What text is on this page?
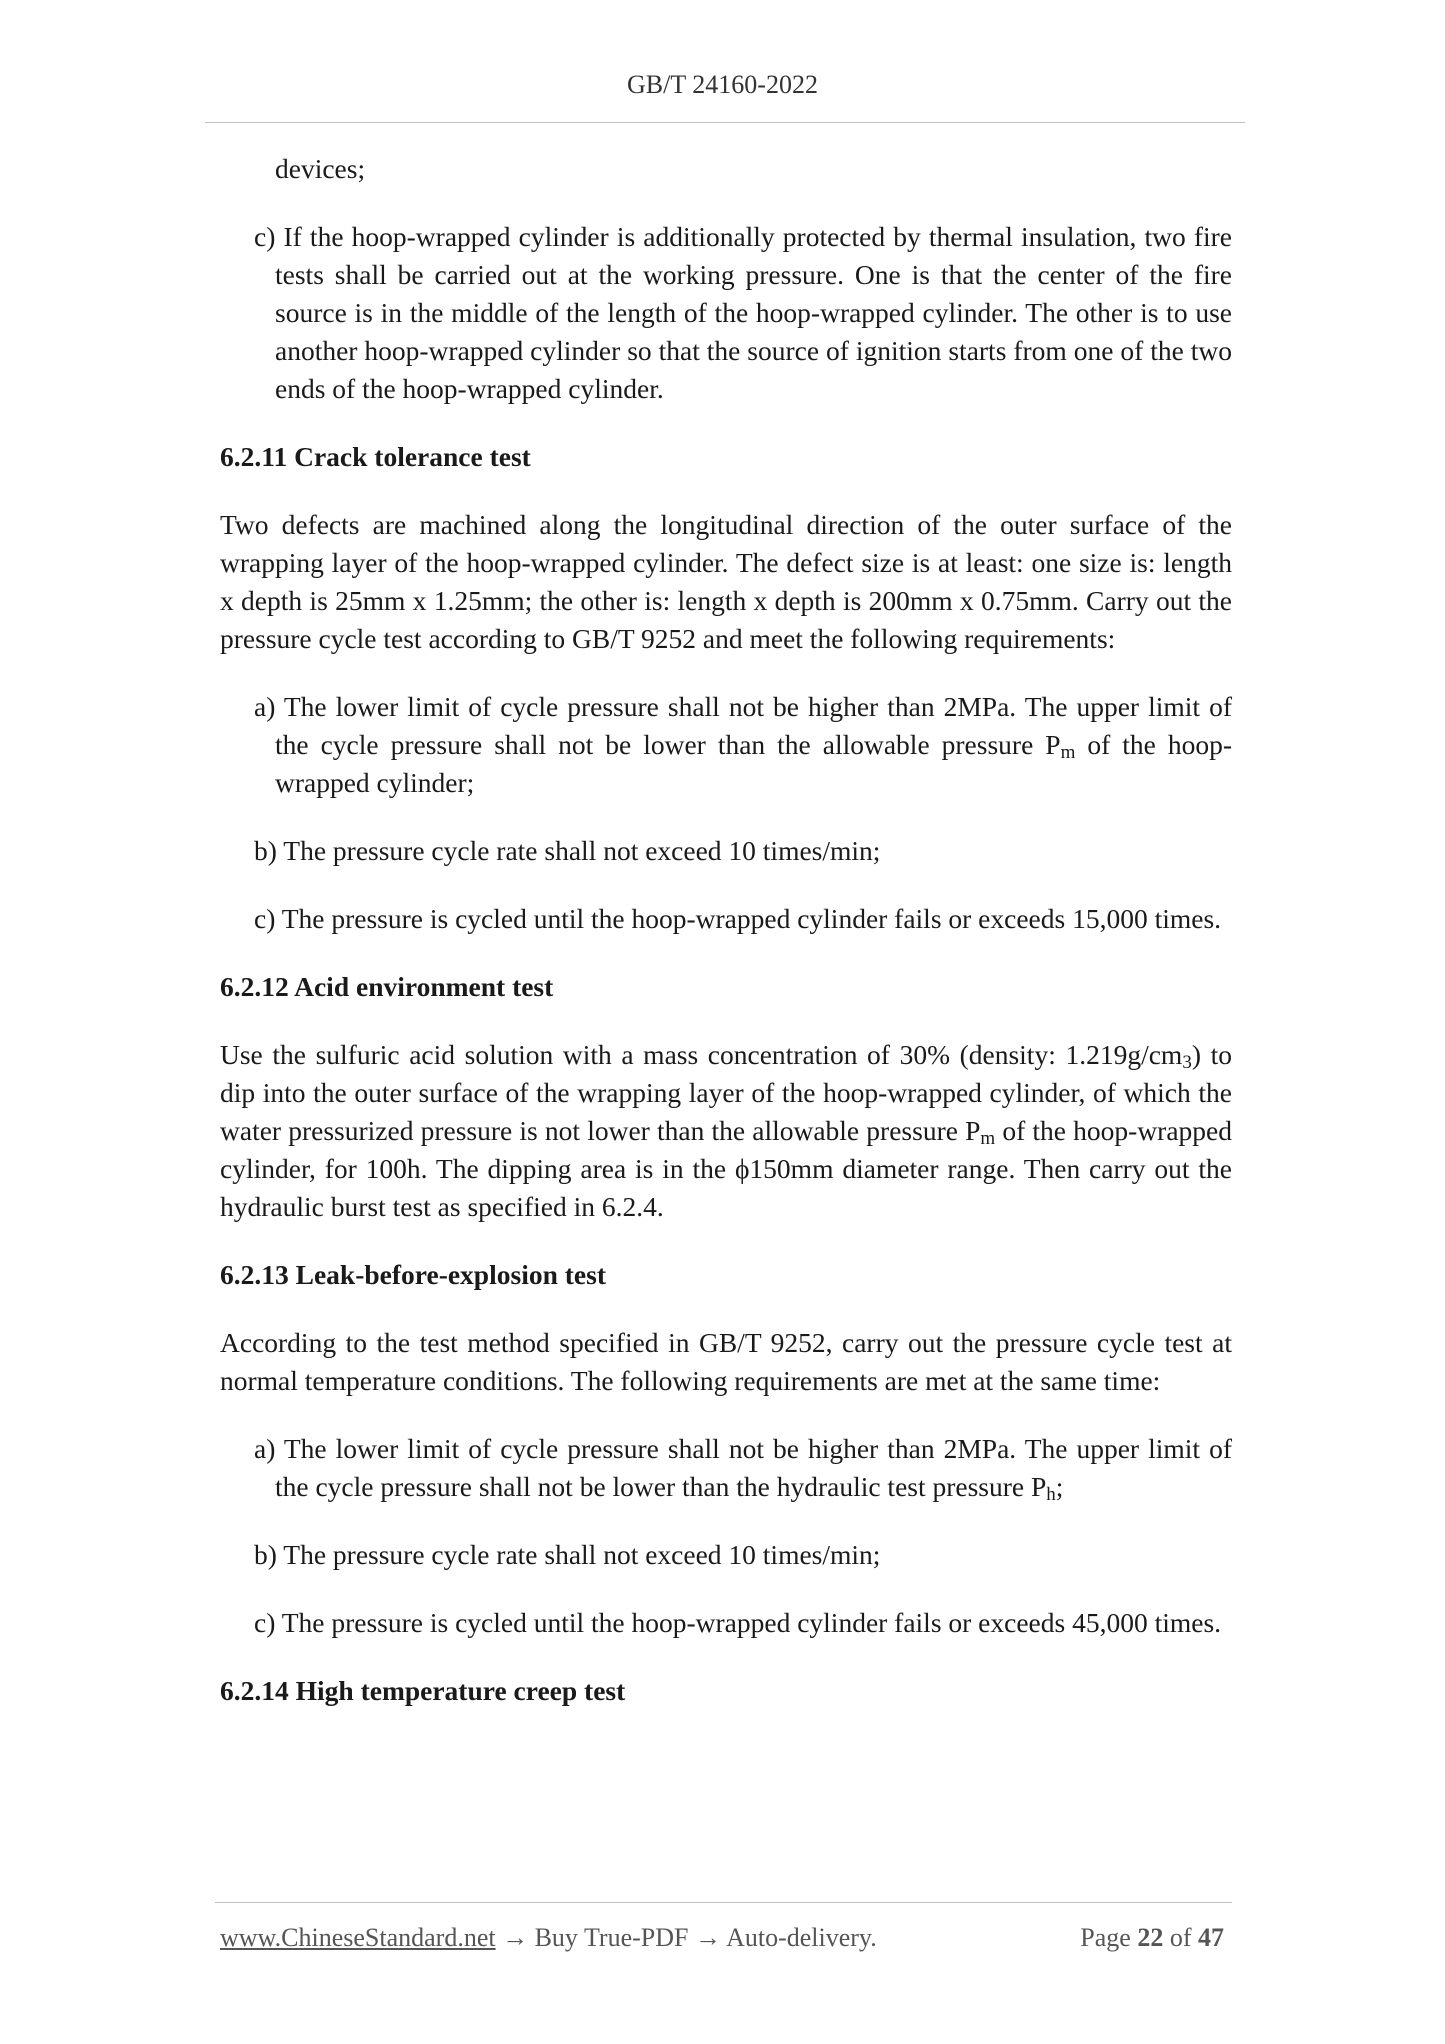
GB/T 24160-2022

devices;

c) If the hoop-wrapped cylinder is additionally protected by thermal insulation, two fire tests shall be carried out at the working pressure. One is that the center of the fire source is in the middle of the length of the hoop-wrapped cylinder. The other is to use another hoop-wrapped cylinder so that the source of ignition starts from one of the two ends of the hoop-wrapped cylinder.

6.2.11 Crack tolerance test

Two defects are machined along the longitudinal direction of the outer surface of the wrapping layer of the hoop-wrapped cylinder. The defect size is at least: one size is: length x depth is 25mm x 1.25mm; the other is: length x depth is 200mm x 0.75mm. Carry out the pressure cycle test according to GB/T 9252 and meet the following requirements:

a) The lower limit of cycle pressure shall not be higher than 2MPa. The upper limit of the cycle pressure shall not be lower than the allowable pressure $P_m$ of the hoop-wrapped cylinder;

b) The pressure cycle rate shall not exceed 10 times/min;

c) The pressure is cycled until the hoop-wrapped cylinder fails or exceeds 15,000 times.

6.2.12 Acid environment test

Use the sulfuric acid solution with a mass concentration of 30% (density: $1.219g/cm_3$) to dip into the outer surface of the wrapping layer of the hoop-wrapped cylinder, of which the water pressurized pressure is not lower than the allowable pressure $P_m$ of the hoop-wrapped cylinder, for 100h. The dipping area is in the ϕ150mm diameter range. Then carry out the hydraulic burst test as specified in 6.2.4.

6.2.13 Leak-before-explosion test

According to the test method specified in GB/T 9252, carry out the pressure cycle test at normal temperature conditions. The following requirements are met at the same time:

a) The lower limit of cycle pressure shall not be higher than 2MPa. The upper limit of the cycle pressure shall not be lower than the hydraulic test pressure $P_h$;

b) The pressure cycle rate shall not exceed 10 times/min;

c) The pressure is cycled until the hoop-wrapped cylinder fails or exceeds 45,000 times.

6.2.14 High temperature creep test
www.ChineseStandard.net → Buy True-PDF → Auto-delivery.	Page 22 of 47
